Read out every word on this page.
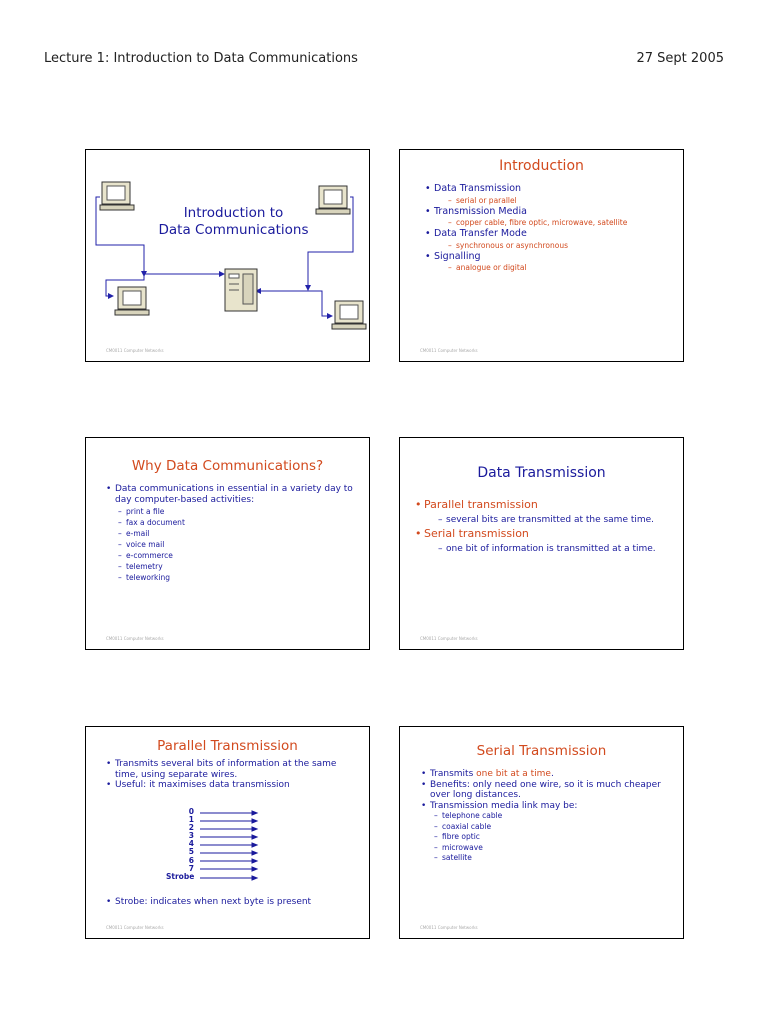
Lecture 1: Introduction to Data Communications	27 Sept 2005
Introduction to
Data Communications
CM0011 Computer Networks
Introduction
• Data Transmission
– serial or parallel
• Transmission Media
– copper cable, fibre optic, microwave, satellite
• Data Transfer Mode
– synchronous or asynchronous
• Signalling
– analogue or digital
CM0011 Computer Networks
Why Data Communications?
• Data communications in essential in a variety day to day computer-based activities:
– print a file
– fax a document
– e-mail
– voice mail
– e-commerce
– telemetry
– teleworking
CM0011 Computer Networks
Data Transmission
• Parallel transmission
– several bits are transmitted at the same time.
• Serial transmission
– one bit of information is transmitted at a time.
CM0011 Computer Networks
Parallel Transmission
• Transmits several bits of information at the same time, using separate wires.
• Useful: it maximises data transmission
0
1
2
3
4
5
6
7
Strobe
• Strobe: indicates when next byte is present
CM0011 Computer Networks
Serial Transmission
• Transmits one bit at a time.
• Benefits: only need one wire, so it is much cheaper over long distances.
• Transmission media link may be:
– telephone cable
– coaxial cable
– fibre optic
– microwave
– satellite
CM0011 Computer Networks
